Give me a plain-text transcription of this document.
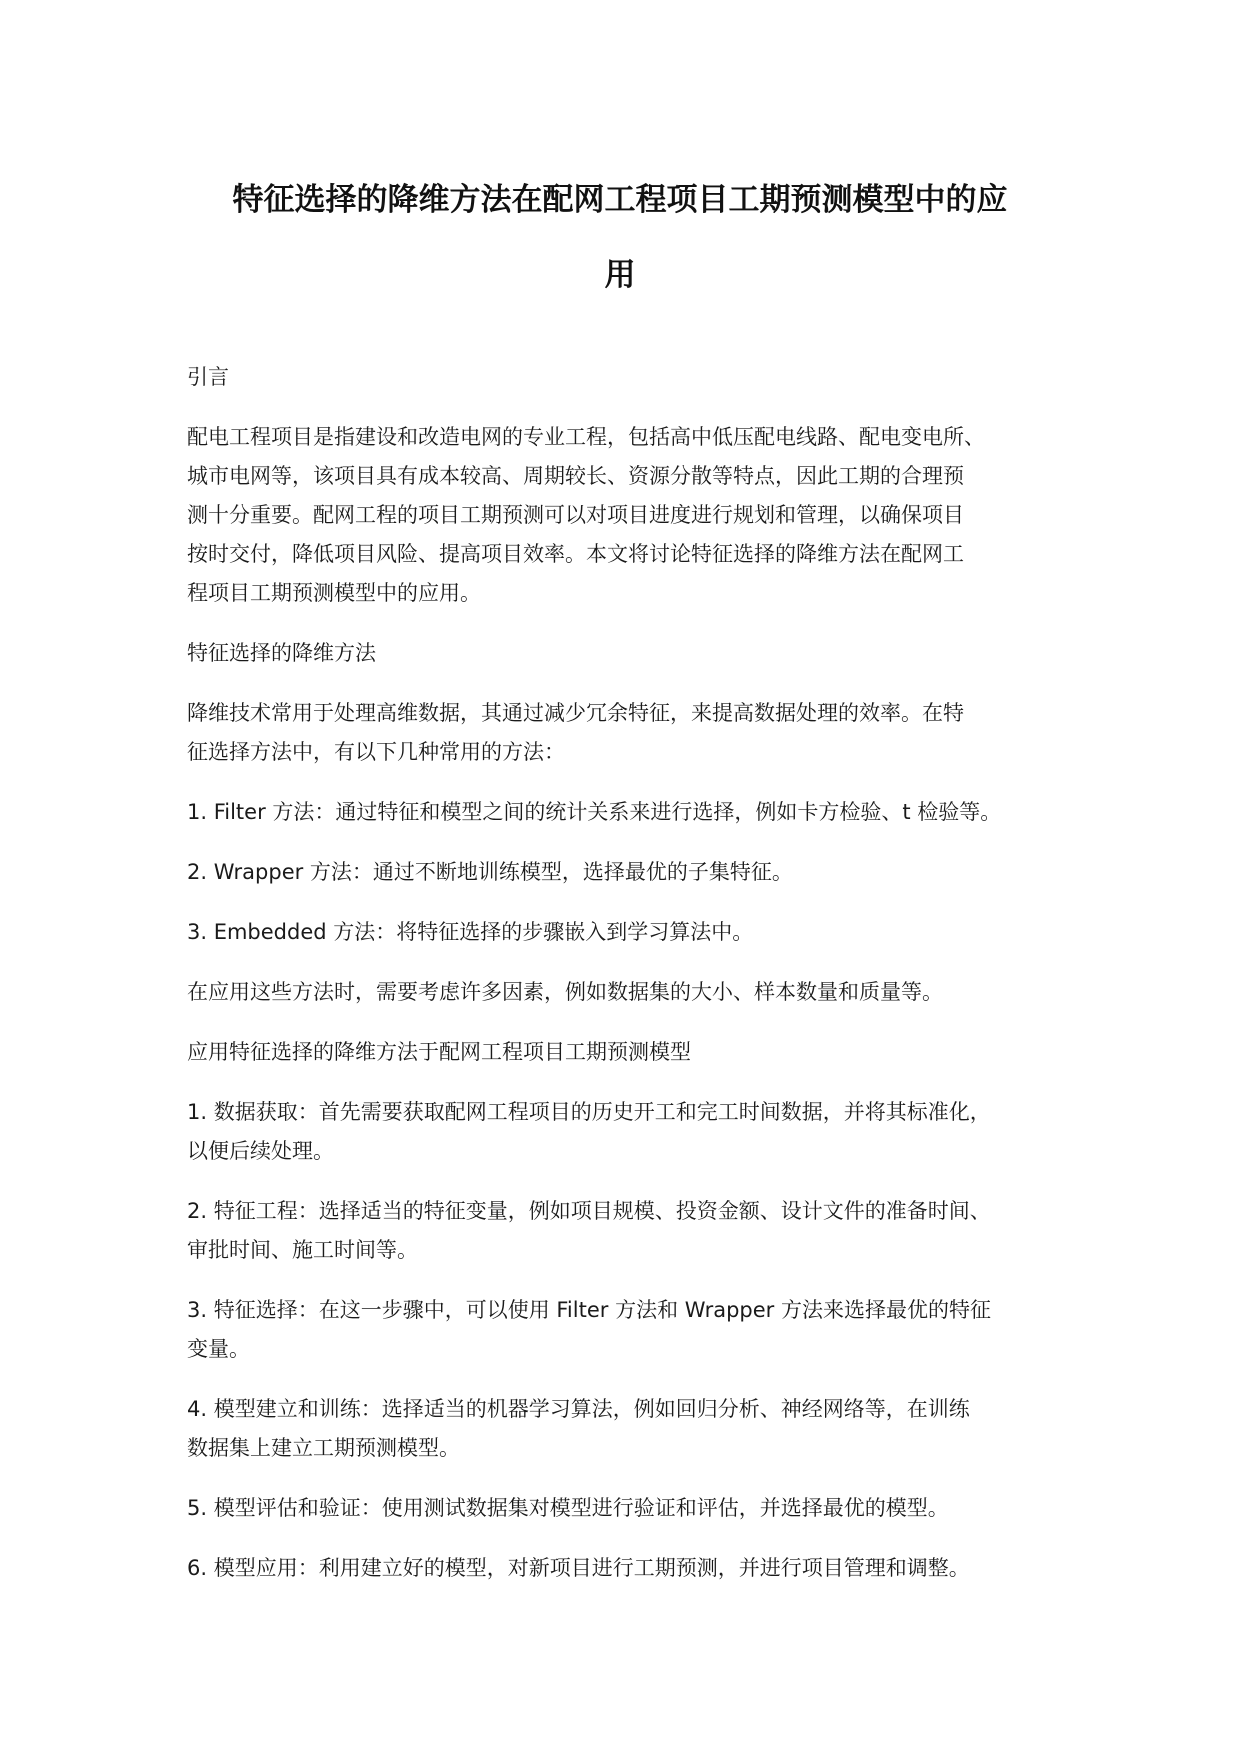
特征选择的降维方法在配网工程项目工期预测模型中的应
用

引言

配电工程项目是指建设和改造电网的专业工程，包括高中低压配电线路、配电变电所、
城市电网等，该项目具有成本较高、周期较长、资源分散等特点，因此工期的合理预
测十分重要。配网工程的项目工期预测可以对项目进度进行规划和管理，以确保项目
按时交付，降低项目风险、提高项目效率。本文将讨论特征选择的降维方法在配网工
程项目工期预测模型中的应用。

特征选择的降维方法

降维技术常用于处理高维数据，其通过减少冗余特征，来提高数据处理的效率。在特
征选择方法中，有以下几种常用的方法：

1. Filter 方法：通过特征和模型之间的统计关系来进行选择，例如卡方检验、t 检验等。

2. Wrapper 方法：通过不断地训练模型，选择最优的子集特征。

3. Embedded 方法：将特征选择的步骤嵌入到学习算法中。

在应用这些方法时，需要考虑许多因素，例如数据集的大小、样本数量和质量等。

应用特征选择的降维方法于配网工程项目工期预测模型

1. 数据获取：首先需要获取配网工程项目的历史开工和完工时间数据，并将其标准化，
以便后续处理。

2. 特征工程：选择适当的特征变量，例如项目规模、投资金额、设计文件的准备时间、
审批时间、施工时间等。

3. 特征选择：在这一步骤中，可以使用 Filter 方法和 Wrapper 方法来选择最优的特征
变量。

4. 模型建立和训练：选择适当的机器学习算法，例如回归分析、神经网络等，在训练
数据集上建立工期预测模型。

5. 模型评估和验证：使用测试数据集对模型进行验证和评估，并选择最优的模型。

6. 模型应用：利用建立好的模型，对新项目进行工期预测，并进行项目管理和调整。
